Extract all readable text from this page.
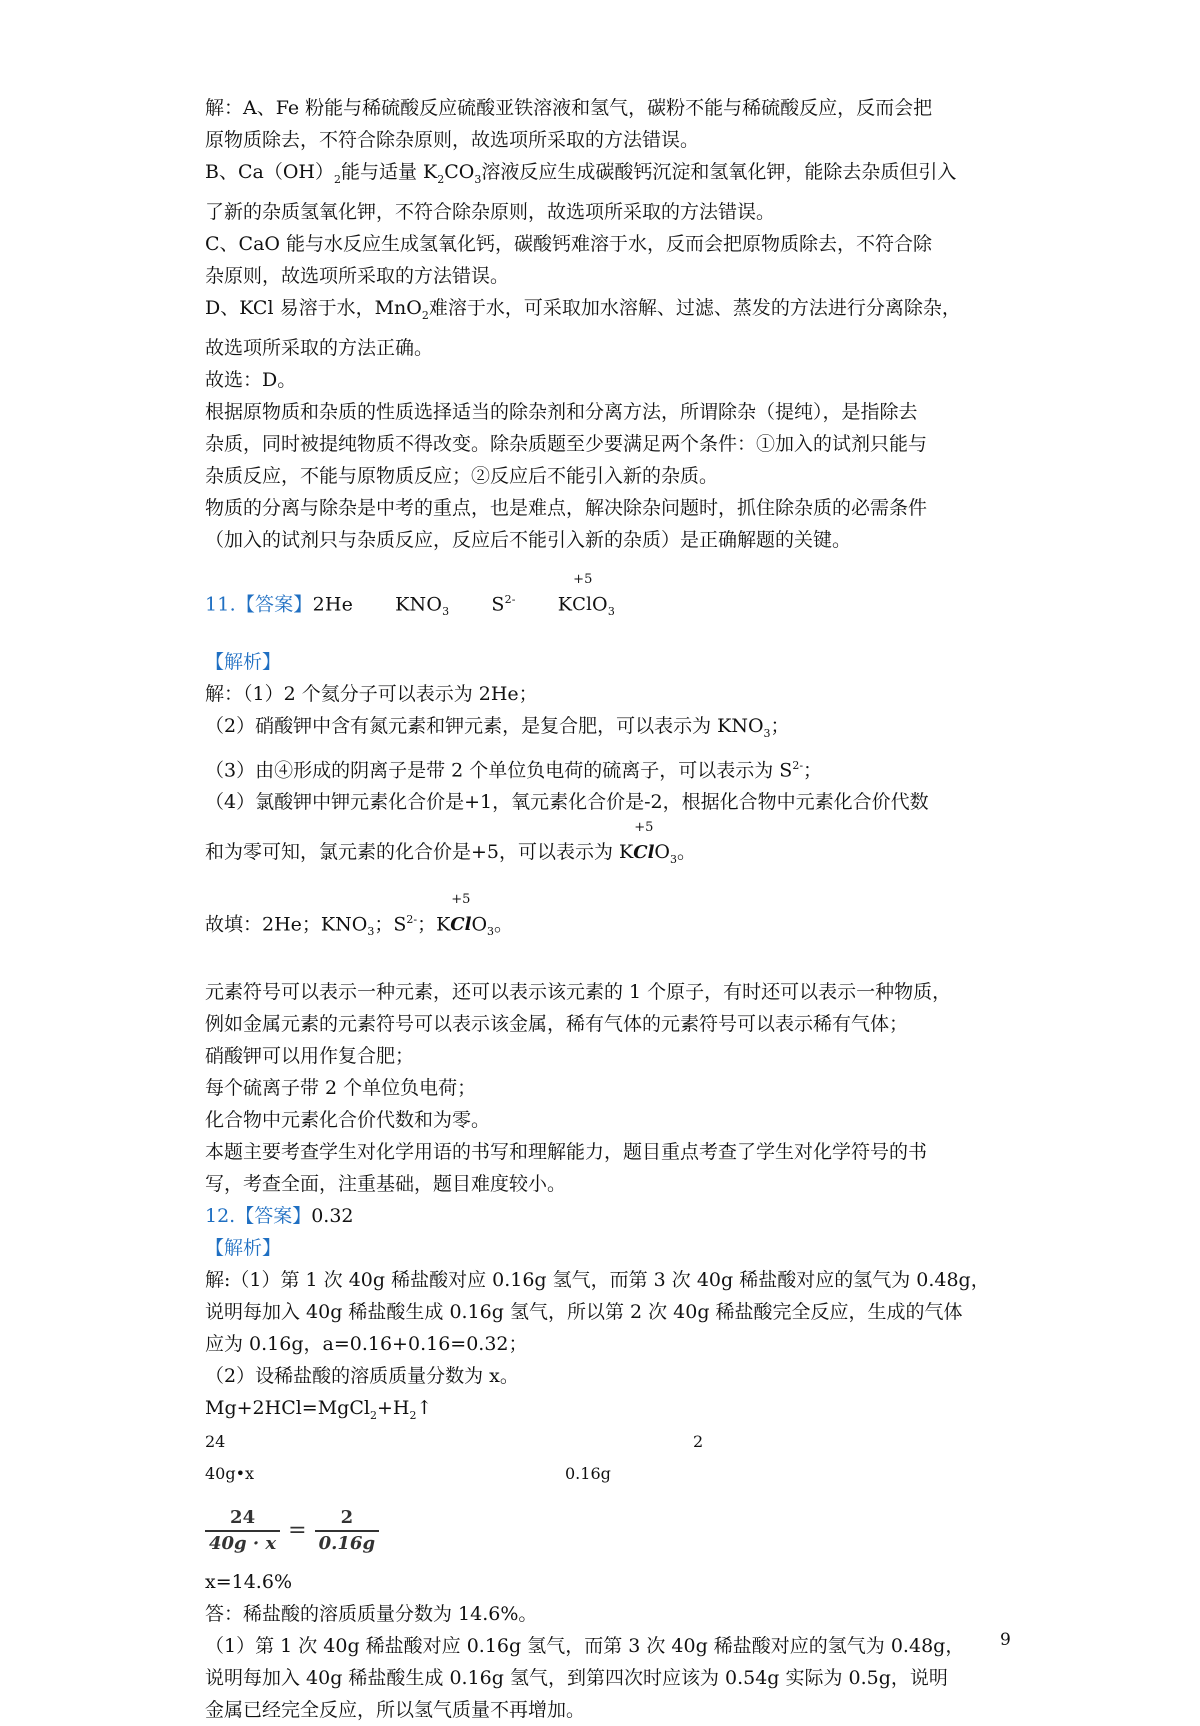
解：A、Fe 粉能与稀硫酸反应硫酸亚铁溶液和氢气，碳粉不能与稀硫酸反应，反而会把

原物质除去，不符合除杂原则，故选项所采取的方法错误。

B、$Ca(OH)_2$能与适量 $K_2CO_3$溶液反应生成碳酸钙沉淀和氢氧化钾，能除去杂质但引入

了新的杂质氢氧化钾，不符合除杂原则，故选项所采取的方法错误。

C、CaO 能与水反应生成氢氧化钙，碳酸钙难溶于水，反而会把原物质除去，不符合除

杂原则，故选项所采取的方法错误。

D、KCl 易溶于水，MnO$_2$难溶于水，可采取加水溶解、过滤、蒸发的方法进行分离除杂，

故选项所采取的方法正确。

故选：D。

根据原物质和杂质的性质选择适当的除杂剂和分离方法，所谓除杂（提纯），是指除去

杂质，同时被提纯物质不得改变。除杂质题至少要满足两个条件：①加入的试剂只能与

杂质反应，不能与原物质反应；②反应后不能引入新的杂质。

物质的分离与除杂是中考的重点，也是难点，解决除杂问题时，抓住除杂质的必需条件

（加入的试剂只与杂质反应，反应后不能引入新的杂质）是正确解题的关键。

11.【答案】2He $KNO_3$ $S^{2-}$ K
+5
ClO$_3$

【解析】

解：（1）2 个氦分子可以表示为 2He；

（2）硝酸钾中含有氮元素和钾元素，是复合肥，可以表示为 $KNO_3$；

（3）由④形成的阴离子是带 2 个单位负电荷的硫离子，可以表示为 $S^{2-}$；

（4）氯酸钾中钾元素化合价是+1，氧元素化合价是-2，根据化合物中元素化合价代数

和为零可知，氯元素的化合价是+5，可以表示为 K
+5
ClO$_3$。

故填：2He；$KNO_3$；$S^{2-}$；K
+5
ClO$_3$。

元素符号可以表示一种元素，还可以表示该元素的 1 个原子，有时还可以表示一种物质，

例如金属元素的元素符号可以表示该金属，稀有气体的元素符号可以表示稀有气体；

硝酸钾可以用作复合肥；

每个硫离子带 2 个单位负电荷；

化合物中元素化合价代数和为零。

本题主要考查学生对化学用语的书写和理解能力，题目重点考查了学生对化学符号的书

写，考查全面，注重基础，题目难度较小。

12.【答案】0.32

【解析】

解:（1）第 1 次 40g 稀盐酸对应 0.16g 氢气，而第 3 次 40g 稀盐酸对应的氢气为 0.48g，

说明每加入 40g 稀盐酸生成 0.16g 氢气，所以第 2 次 40g 稀盐酸完全反应，生成的气体

应为 0.16g，a=0.16+0.16=0.32；

（2）设稀盐酸的溶质质量分数为 x。

$Mg+2HCl=MgCl_2+H_2↑$

24	2
40g•x	0.16g
$\frac{24}{40g \cdot x} = \frac{2}{0.16g}$

x=14.6%

答：稀盐酸的溶质质量分数为 14.6%。

（1）第 1 次 40g 稀盐酸对应 0.16g 氢气，而第 3 次 40g 稀盐酸对应的氢气为 0.48g，

说明每加入 40g 稀盐酸生成 0.16g 氢气，到第四次时应该为 0.54g 实际为 0.5g，说明

金属已经完全反应，所以氢气质量不再增加。

9
